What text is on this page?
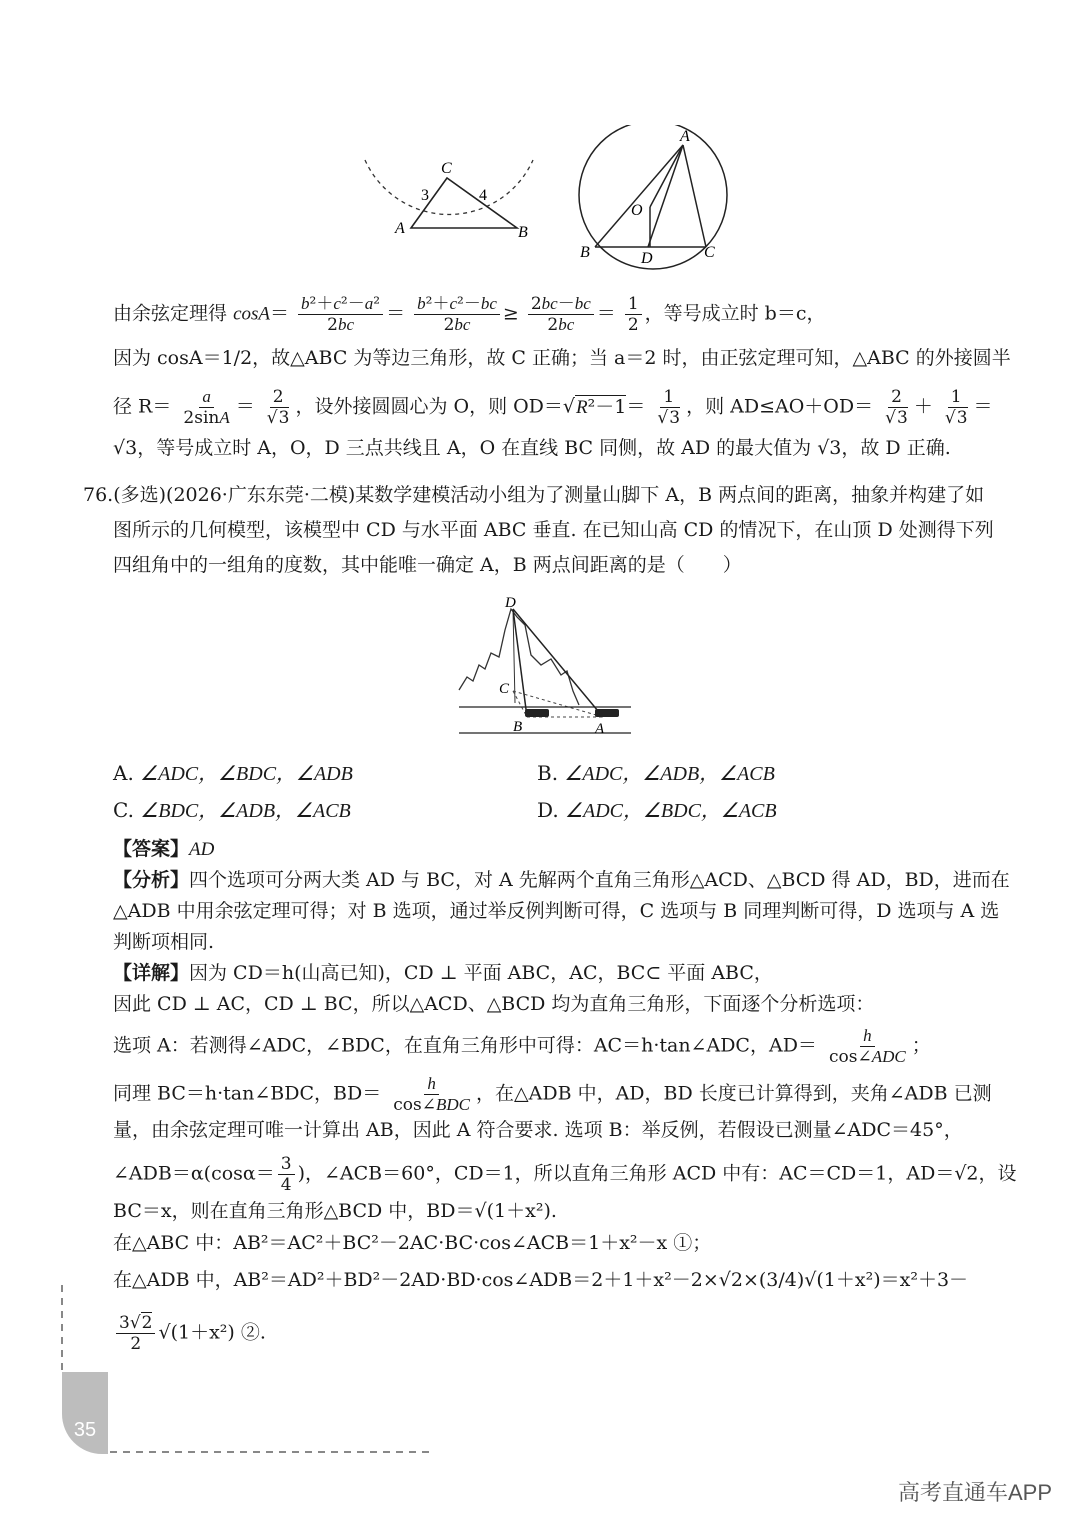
C
A	B
3	4
A
B	C
D
O
由余弦定理得 $\cos A= \frac{\text{b²＋c²－a²}}{2bc} = \frac{\text{b²＋c²－bc}}{2bc} \ge \frac{2bc-bc}{2bc} = \frac{1}{2}$ ，等号成立时 b＝c，
因为 cosA＝1/2，故△ABC 为等边三角形，故 C 正确；当 a＝2 时，由正弦定理可知，△ABC 的外接圆半
径 $R= \frac{a}{2\sin A} = \frac{2}{√3}$ ，设外接圆圆心为 O，则 $OD=√R^2-1= \frac{1}{√3}$ ，则 $AD\le AO+OD= \frac{2}{√3} + \frac{1}{√3}$ ＝
√3，等号成立时 A，O，D 三点共线且 A，O 在直线 BC 同侧，故 AD 的最大值为 √3，故 D 正确.
76.(多选)(2026·广东东莞·二模)某数学建模活动小组为了测量山脚下 A，B 两点间的距离，抽象并构建了如
图所示的几何模型，该模型中 CD 与水平面 ABC 垂直. 在已知山高 CD 的情况下，在山顶 D 处测得下列
四组角中的一组角的度数，其中能唯一确定 A，B 两点间距离的是（　　）
D
C
B	A
A. ∠ADC，∠BDC，∠ADB	B. ∠ADC，∠ADB，∠ACB
C. ∠BDC，∠ADB，∠ACB	D. ∠ADC，∠BDC，∠ACB
【答案】AD
【分析】四个选项可分两大类 AD 与 BC，对 A 先解两个直角三角形△ACD、△BCD 得 AD，BD，进而在
△ADB 中用余弦定理可得；对 B 选项，通过举反例判断可得，C 选项与 B 同理判断可得，D 选项与 A 选
判断项相同.
【详解】因为 CD＝h(山高已知)，CD ⊥ 平面 ABC，AC，BC⊂ 平面 ABC，
因此 CD ⊥ AC，CD ⊥ BC，所以△ACD、△BCD 均为直角三角形，下面逐个分析选项：
选项 A：若测得∠ADC，∠BDC，在直角三角形中可得：AC＝h·tan∠ADC，$AD= \frac{h}{\text{cos∠ADC}}$ ；
同理 BC＝h·tan∠BDC，$BD= \frac{h}{\text{cos∠BDC}}$ ，在△ADB 中，AD，BD 长度已计算得到，夹角∠ADB 已测
量，由余弦定理可唯一计算出 AB，因此 A 符合要求. 选项 B：举反例，若假设已测量∠ADC＝45°，
∠ADB＝α(cosα＝ $\frac{3}{4}$ )，∠ACB＝60°，CD＝1，所以直角三角形 ACD 中有：AC＝CD＝1，AD＝√2，设
BC＝x，则在直角三角形△BCD 中，BD＝√(1＋x²).
在△ABC 中：AB²＝AC²＋BC²－2AC·BC·cos∠ACB＝1＋x²－x ①；
在△ADB 中，AB²＝AD²＋BD²－2AD·BD·cos∠ADB＝2＋1＋x²－2×√2×(3/4)√(1＋x²)＝x²＋3－
$\frac{3√2}{2} √(1+x^2)$ ②.
35
高考直通车APP
